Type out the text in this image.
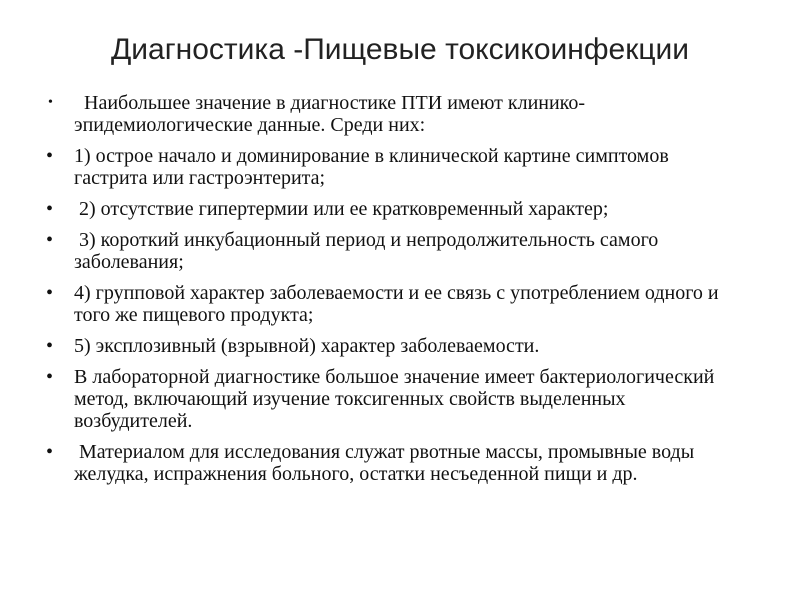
Диагностика -Пищевые токсикоинфекции
• Наибольшее значение в диагностике ПТИ имеют клинико-эпидемиологические данные. Среди них:
• 1) острое начало и доминирование в клинической картине симптомов гастрита или гастроэнтерита;
• 2) отсутствие гипертермии или ее кратковременный характер;
• 3) короткий инкубационный период и непродолжительность самого заболевания;
• 4) групповой характер заболеваемости и ее связь с употреблением одного и того же пищевого продукта;
• 5) эксплозивный (взрывной) характер заболеваемости.
• В лабораторной диагностике большое значение имеет бактериологический метод, включающий изучение токсигенных свойств выделенных возбудителей.
• Материалом для исследования служат рвотные массы, промывные воды желудка, испражнения больного, остатки несъеденной пищи и др.
